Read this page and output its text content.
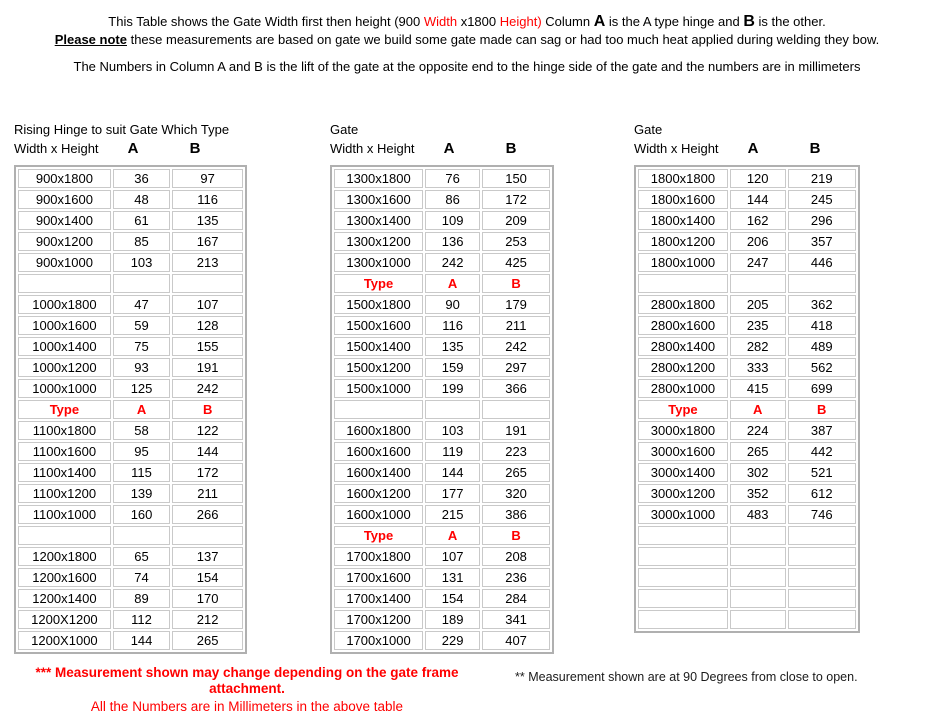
This Table shows the Gate Width first then height (900 Width x1800 Height) Column A is the A type hinge and B is the other.

Please note these measurements are based on gate we build some gate made can sag or had too much heat applied during welding they bow.

The Numbers in Column A and B is the lift of the gate at the opposite end to the hinge side of the gate and the numbers are in millimeters

Rising Hinge to suit Gate Which Type
Width x Height	A	B
900x1800	36	97
900x1600	48	116
900x1400	61	135
900x1200	85	167
900x1000	103	213

1000x1800	47	107
1000x1600	59	128
1000x1400	75	155
1000x1200	93	191
1000x1000	125	242
Type	A	B
1100x1800	58	122
1100x1600	95	144
1100x1400	115	172
1100x1200	139	211
1100x1000	160	266

1200x1800	65	137
1200x1600	74	154
1200x1400	89	170
1200X1200	112	212
1200X1000	144	265
Gate
Width x Height	A	B
1300x1800	76	150
1300x1600	86	172
1300x1400	109	209
1300x1200	136	253
1300x1000	242	425
Type	A	B
1500x1800	90	179
1500x1600	116	211
1500x1400	135	242
1500x1200	159	297
1500x1000	199	366

1600x1800	103	191
1600x1600	119	223
1600x1400	144	265
1600x1200	177	320
1600x1000	215	386
Type	A	B
1700x1800	107	208
1700x1600	131	236
1700x1400	154	284
1700x1200	189	341
1700x1000	229	407
Gate
Width x Height	A	B
1800x1800	120	219
1800x1600	144	245
1800x1400	162	296
1800x1200	206	357
1800x1000	247	446

2800x1800	205	362
2800x1600	235	418
2800x1400	282	489
2800x1200	333	562
2800x1000	415	699
Type	A	B
3000x1800	224	387
3000x1600	265	442
3000x1400	302	521
3000x1200	352	612
3000x1000	483	746

*** Measurement shown may change depending on the gate frame attachment.
All the Numbers are in Millimeters in the above table
** Measurement shown are at 90 Degrees from close to open.
